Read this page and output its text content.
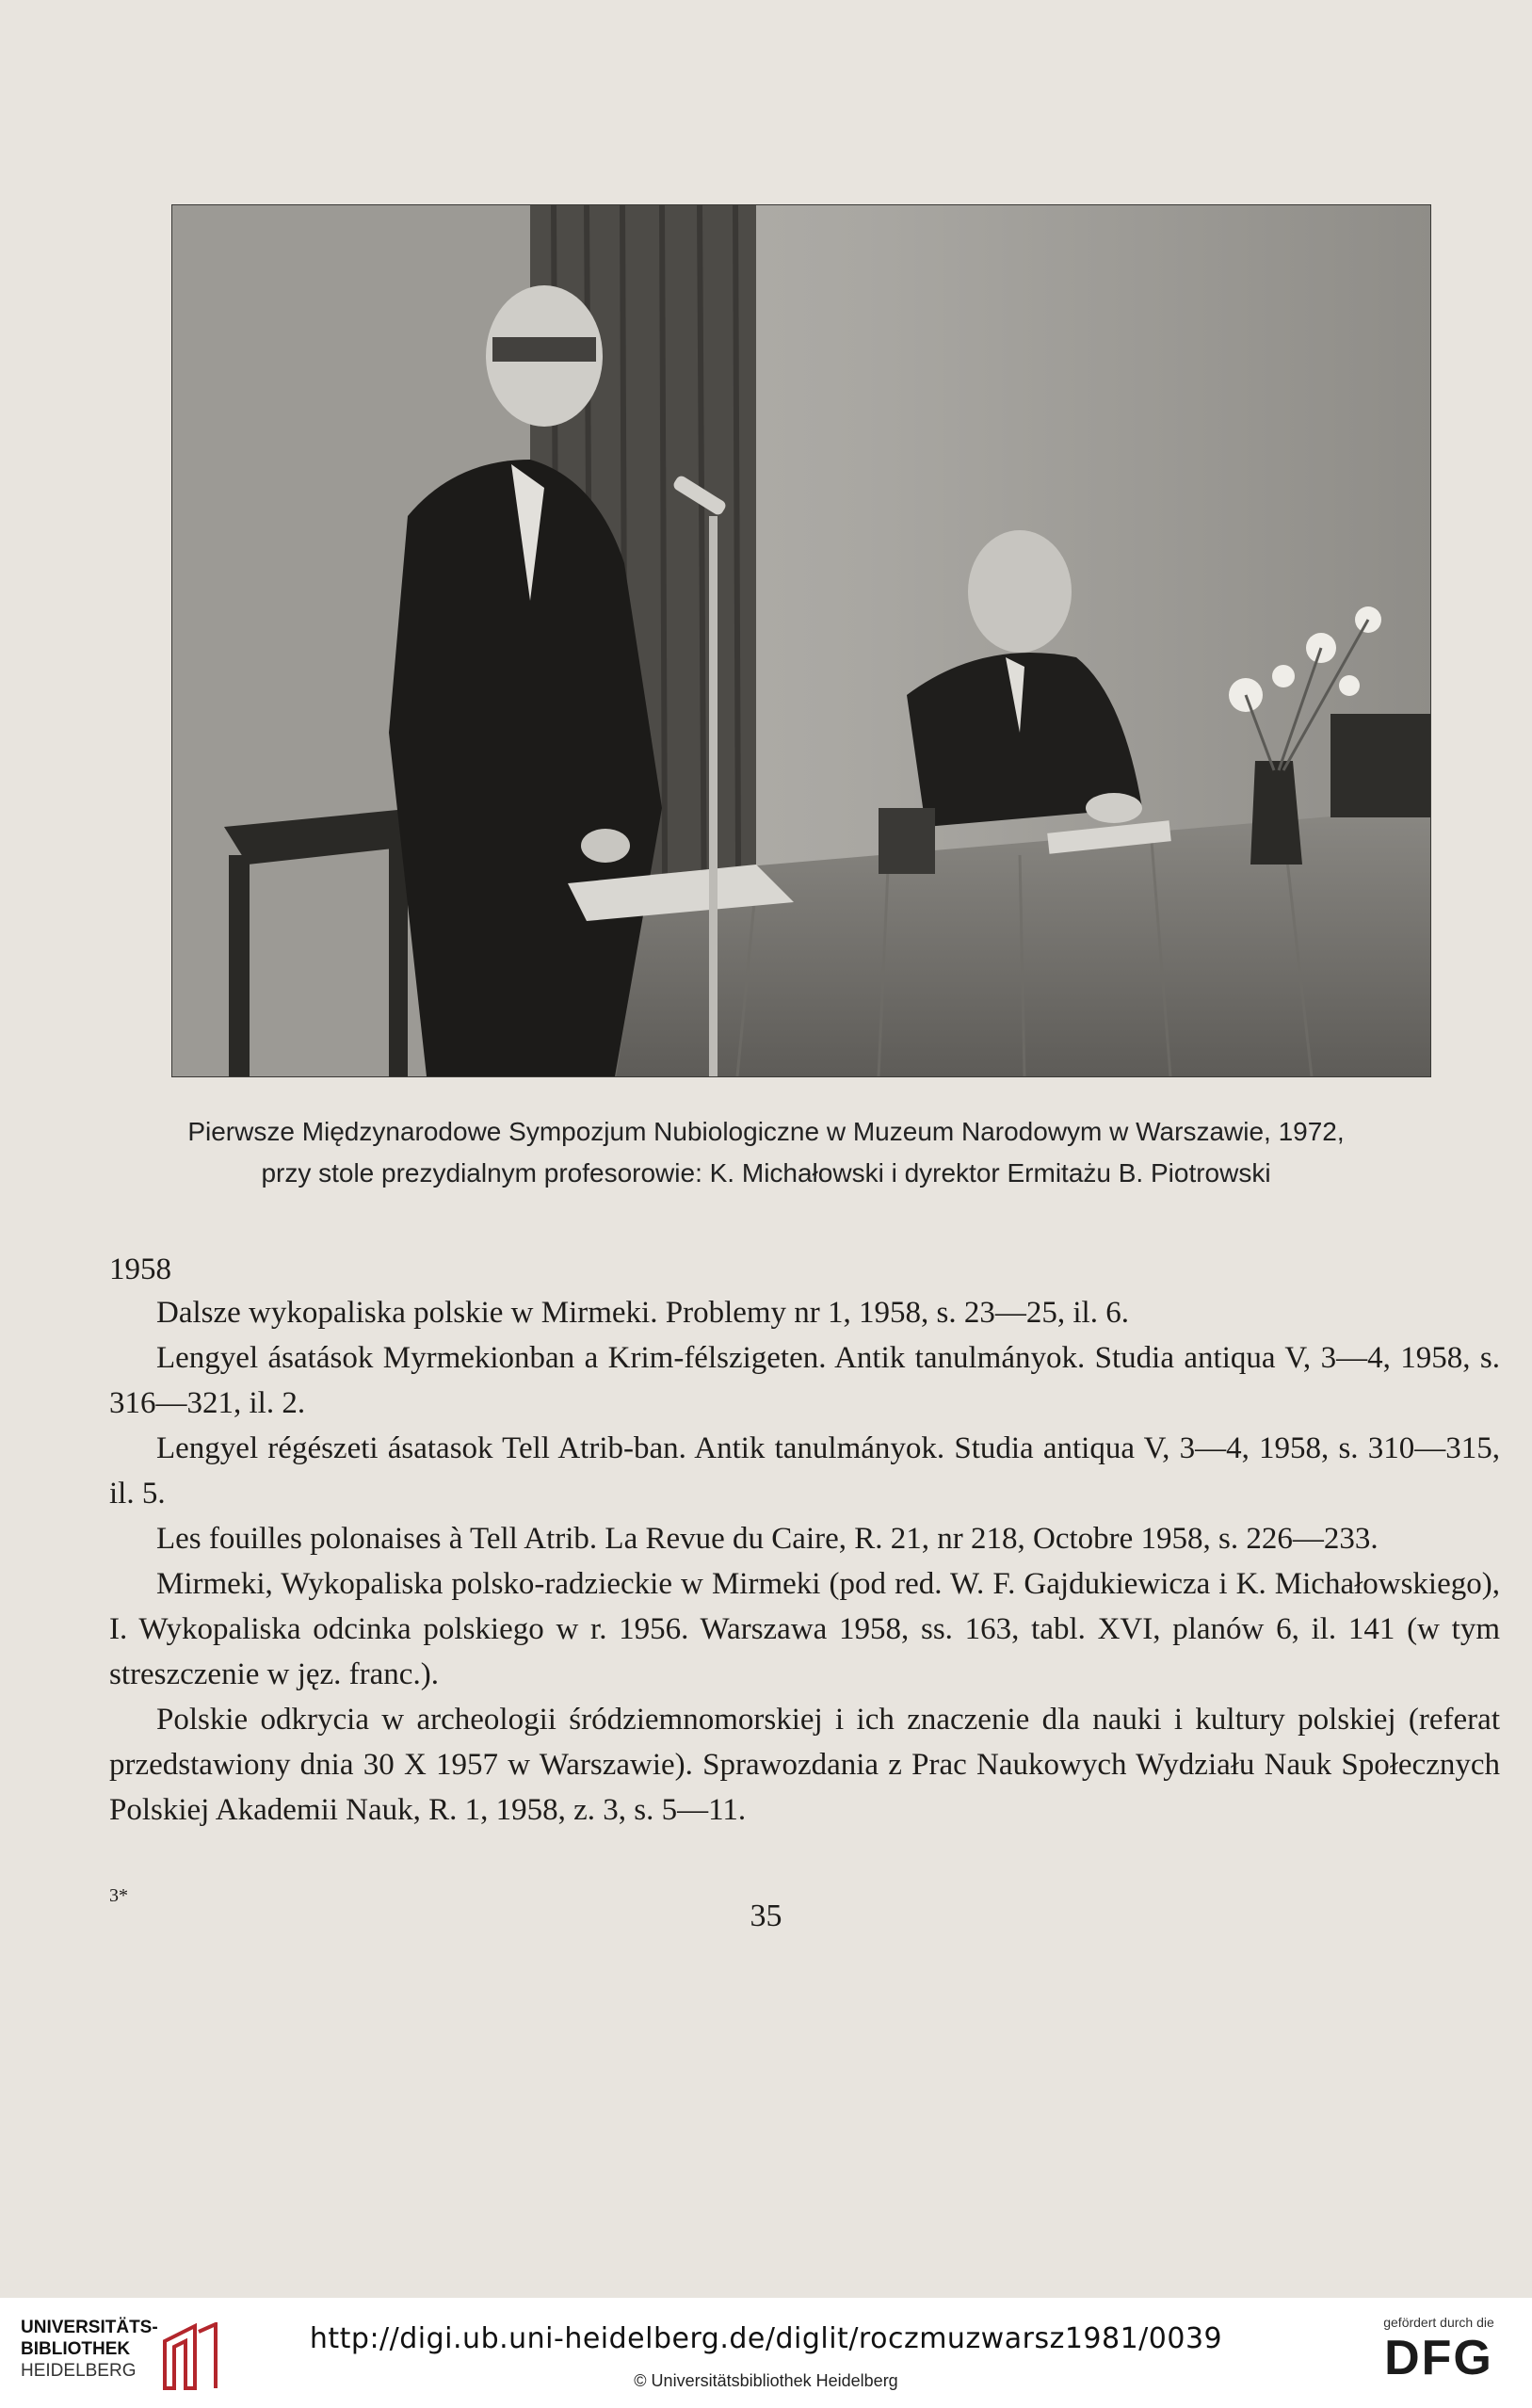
Pierwsze Międzynarodowe Sympozjum Nubiologiczne w Muzeum Narodowym w Warszawie, 1972,
przy stole prezydialnym profesorowie: K. Michałowski i dyrektor Ermitażu B. Piotrowski
1958

Dalsze wykopaliska polskie w Mirmeki. Problemy nr 1, 1958, s. 23—25, il. 6.

Lengyel ásatások Myrmekionban a Krim-félszigeten. Antik tanulmányok. Studia antiqua V, 3—4, 1958, s. 316—321, il. 2.

Lengyel régészeti ásatasok Tell Atrib-ban. Antik tanulmányok. Studia antiqua V, 3—4, 1958, s. 310—315, il. 5.

Les fouilles polonaises à Tell Atrib. La Revue du Caire, R. 21, nr 218, Octobre 1958, s. 226—233.

Mirmeki, Wykopaliska polsko-radzieckie w Mirmeki (pod red. W. F. Gajdukiewicza i K. Michałowskiego), I. Wykopaliska odcinka polskiego w r. 1956. Warszawa 1958, ss. 163, tabl. XVI, planów 6, il. 141 (w tym streszczenie w jęz. franc.).

Polskie odkrycia w archeologii śródziemnomorskiej i ich znaczenie dla nauki i kultury polskiej (referat przedstawiony dnia 30 X 1957 w Warszawie). Sprawozdania z Prac Naukowych Wydziału Nauk Społecznych Polskiej Akademii Nauk, R. 1, 1958, z. 3, s. 5—11.

3*
35
UNIVERSITÄTS-
BIBLIOTHEK
HEIDELBERG
http://digi.ub.uni-heidelberg.de/diglit/roczmuzwarsz1981/0039
© Universitätsbibliothek Heidelberg
gefördert durch die
DFG
